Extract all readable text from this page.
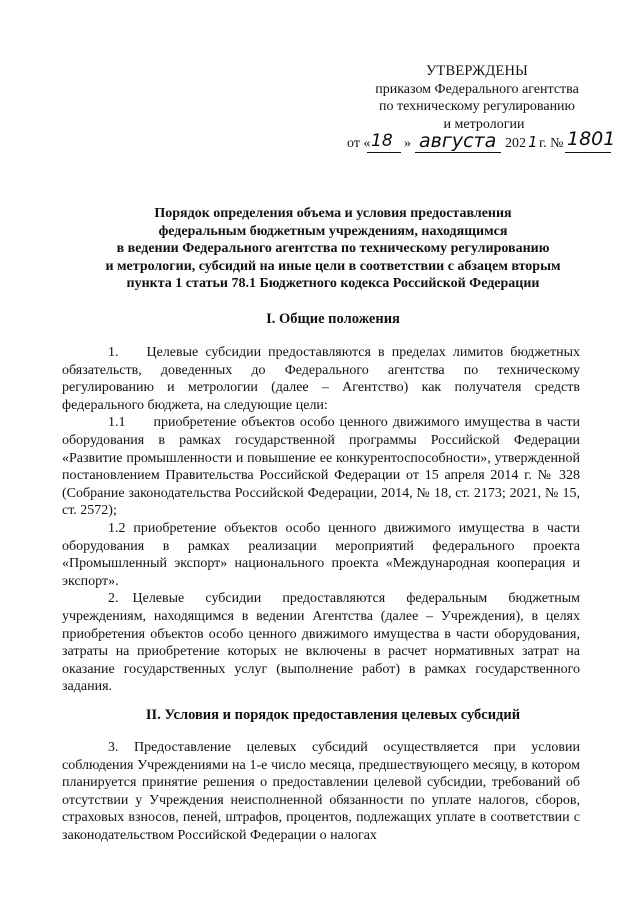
УТВЕРЖДЕНЫ
приказом Федерального агентства
по техническому регулированию
и метрологии
от « 18 » августа 202 1 г. № 1801
Порядок определения объема и условия предоставления
федеральным бюджетным учреждениям, находящимся
в ведении Федерального агентства по техническому регулированию
и метрологии, субсидий на иные цели в соответствии с абзацем вторым
пункта 1 статьи 78.1 Бюджетного кодекса Российской Федерации
I. Общие положения

1.  Целевые субсидии предоставляются в пределах лимитов бюджетных обязательств, доведенных до Федерального агентства по техническому регулированию и метрологии (далее – Агентство) как получателя средств федерального бюджета, на следующие цели:

1.1  приобретение объектов особо ценного движимого имущества в части оборудования в рамках государственной программы Российской Федерации «Развитие промышленности и повышение ее конкурентоспособности», утвержденной постановлением Правительства Российской Федерации от 15 апреля 2014 г. № 328 (Собрание законодательства Российской Федерации, 2014, № 18, ст. 2173; 2021, № 15, ст. 2572);

1.2 приобретение объектов особо ценного движимого имущества в части оборудования в рамках реализации мероприятий федерального проекта «Промышленный экспорт» национального проекта «Международная кооперация и экспорт».

2. Целевые субсидии предоставляются федеральным бюджетным учреждениям, находящимся в ведении Агентства (далее – Учреждения), в целях приобретения объектов особо ценного движимого имущества в части оборудования, затраты на приобретение которых не включены в расчет нормативных затрат на оказание государственных услуг (выполнение работ) в рамках государственного задания.

II. Условия и порядок предоставления целевых субсидий

3. Предоставление целевых субсидий осуществляется при условии соблюдения Учреждениями на 1-е число месяца, предшествующего месяцу, в котором планируется принятие решения о предоставлении целевой субсидии, требований об отсутствии у Учреждения неисполненной обязанности по уплате налогов, сборов, страховых взносов, пеней, штрафов, процентов, подлежащих уплате в соответствии с законодательством Российской Федерации о налогах
